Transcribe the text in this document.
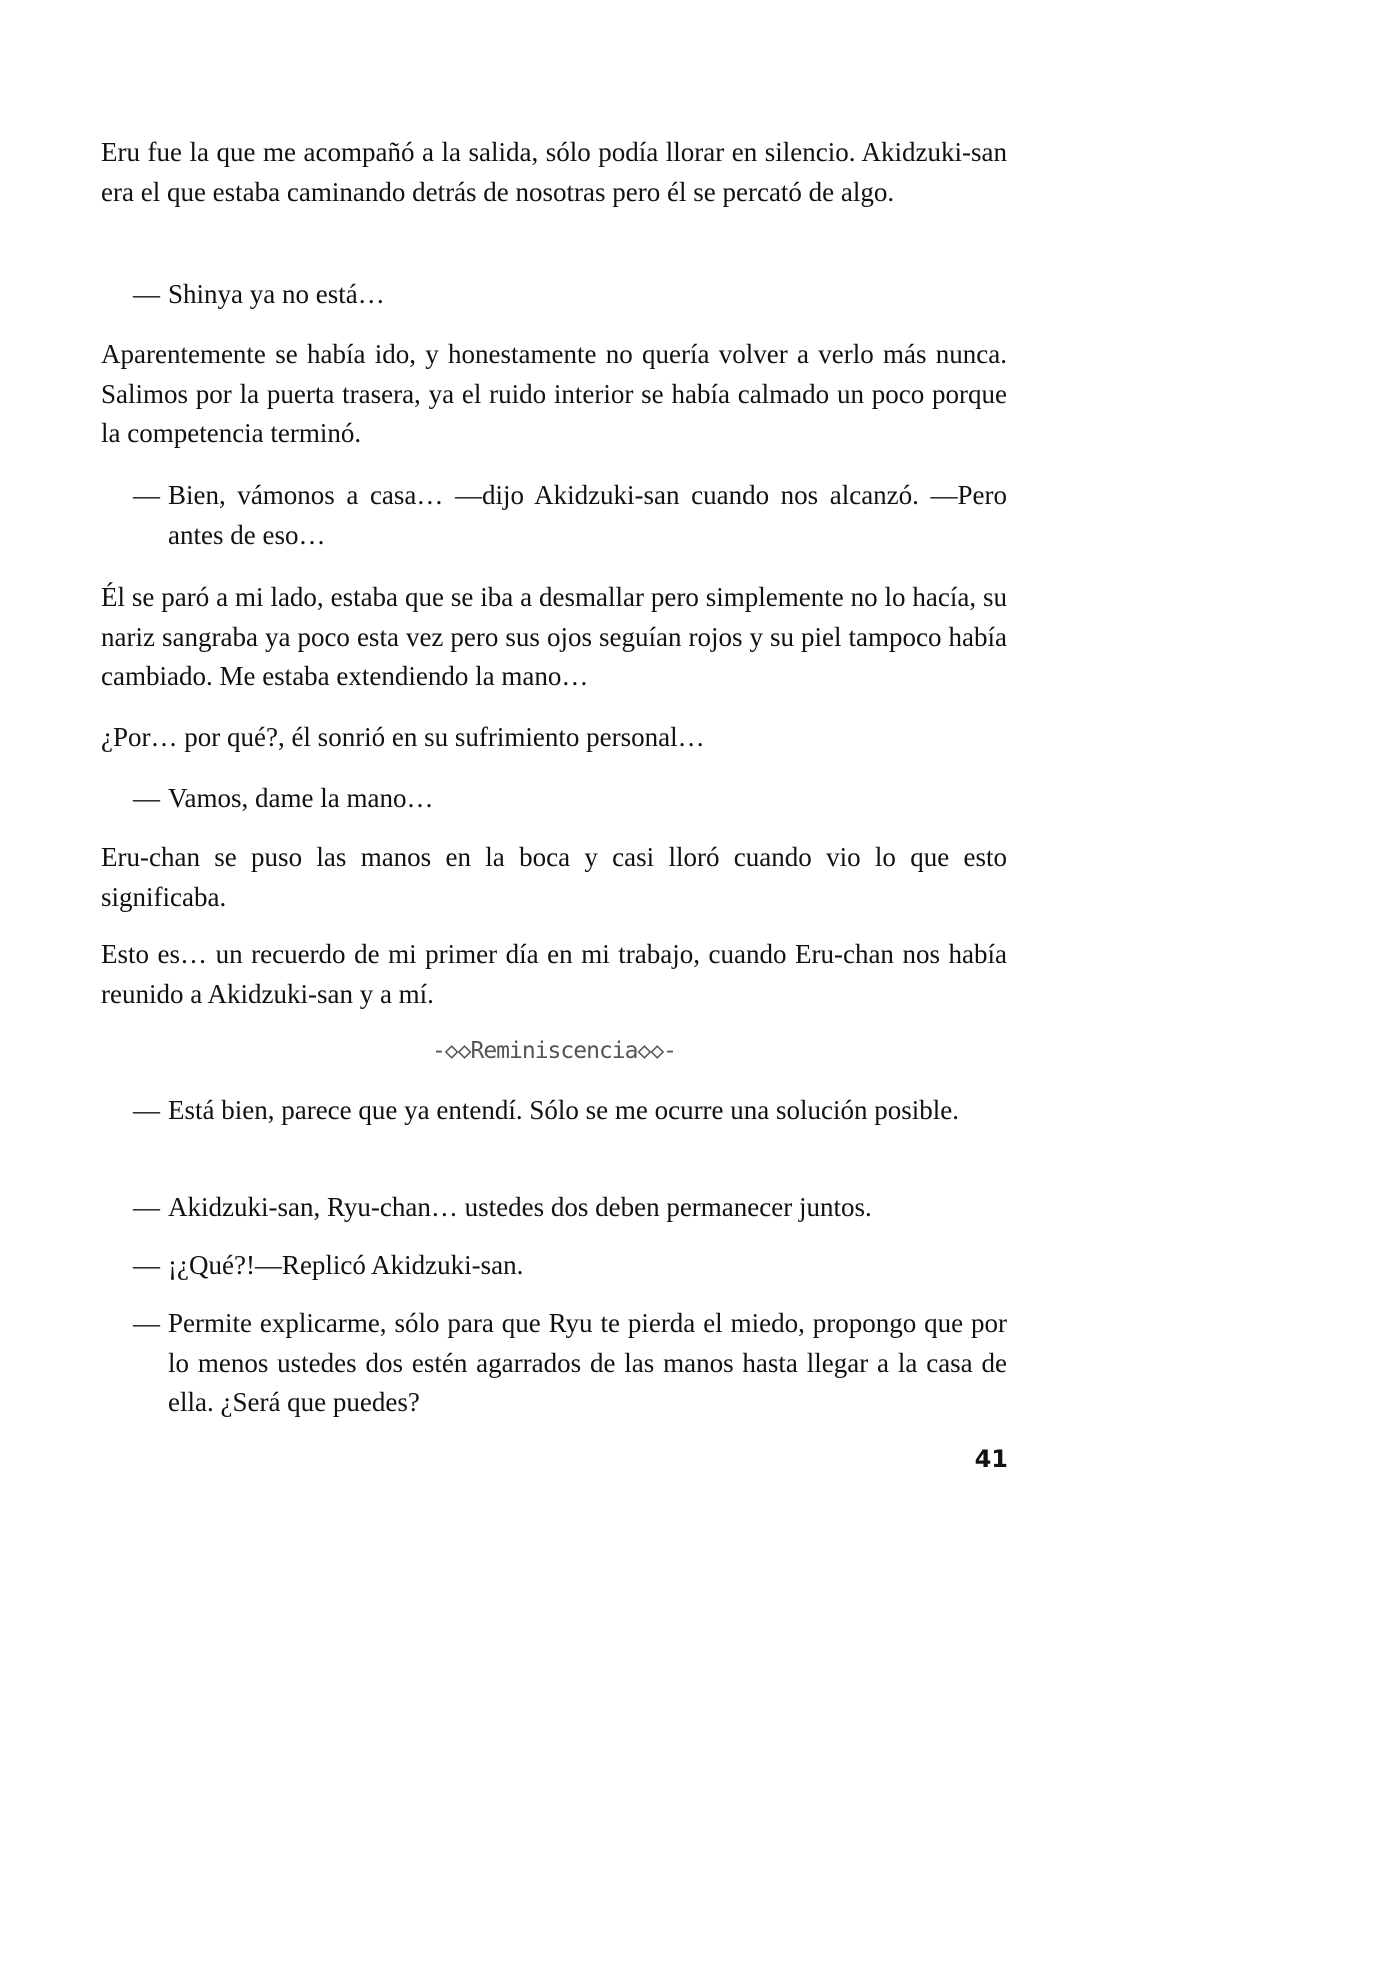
Eru fue la que me acompañó a la salida, sólo podía llorar en silencio. Akidzuki-san era el que estaba caminando detrás de nosotras pero él se percató de algo.

— Shinya ya no está…

Aparentemente se había ido, y honestamente no quería volver a verlo más nunca. Salimos por la puerta trasera, ya el ruido interior se había calmado un poco porque la competencia terminó.

— Bien, vámonos a casa… —dijo Akidzuki-san cuando nos alcanzó. —Pero antes de eso…

Él se paró a mi lado, estaba que se iba a desmallar pero simplemente no lo hacía, su nariz sangraba ya poco esta vez pero sus ojos seguían rojos y su piel tampoco había cambiado. Me estaba extendiendo la mano…

¿Por… por qué?, él sonrió en su sufrimiento personal…

— Vamos, dame la mano…

Eru-chan se puso las manos en la boca y casi lloró cuando vio lo que esto significaba.

Esto es… un recuerdo de mi primer día en mi trabajo, cuando Eru-chan nos había reunido a Akidzuki-san y a mí.

-◇◇Reminiscencia◇◇-
— Está bien, parece que ya entendí. Sólo se me ocurre una solución posible.
— Akidzuki-san, Ryu-chan… ustedes dos deben permanecer juntos.
— ¡¿Qué?!—Replicó Akidzuki-san.
— Permite explicarme, sólo para que Ryu te pierda el miedo, propongo que por lo menos ustedes dos estén agarrados de las manos hasta llegar a la casa de ella. ¿Será que puedes?
41
